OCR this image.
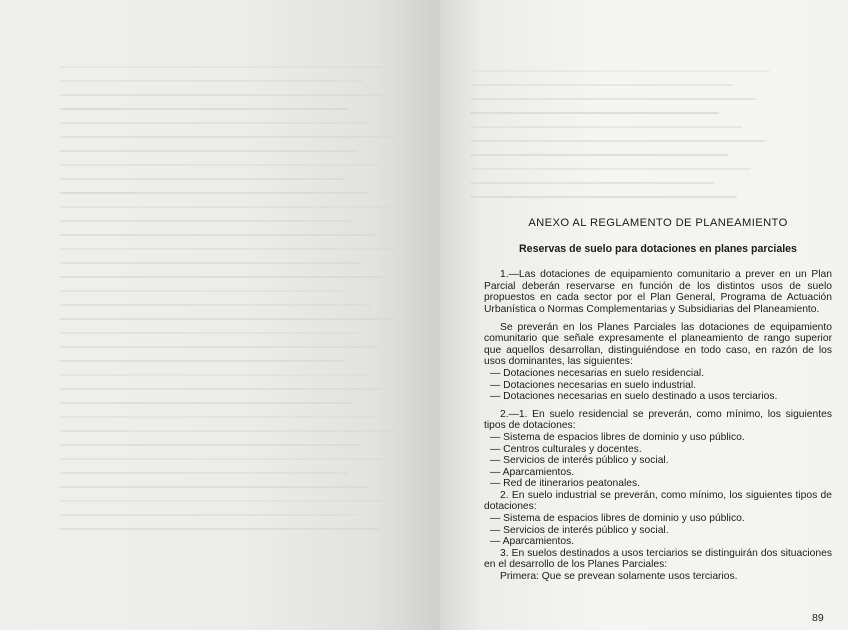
ANEXO AL REGLAMENTO DE PLANEAMIENTO
Reservas de suelo para dotaciones en planes parciales

1.—Las dotaciones de equipamiento comunitario a prever en un Plan Parcial deberán reservarse en función de los distintos usos de suelo propuestos en cada sector por el Plan General, Programa de Actuación Urbanística o Normas Complementarias y Subsidiarias del Planeamiento.

Se preverán en los Planes Parciales las dotaciones de equipamiento comunitario que señale expresamente el planeamiento de rango superior que aquellos desarrollan, distinguiéndose en todo caso, en razón de los usos dominantes, las siguientes:

— Dotaciones necesarias en suelo residencial.
— Dotaciones necesarias en suelo industrial.
— Dotaciones necesarias en suelo destinado a usos terciarios.

2.—1. En suelo residencial se preverán, como mínimo, los siguientes tipos de dotaciones:

— Sistema de espacios libres de dominio y uso público.
— Centros culturales y docentes.
— Servicios de interés público y social.
— Aparcamientos.
— Red de itinerarios peatonales.

2. En suelo industrial se preverán, como mínimo, los siguientes tipos de dotaciones:

— Sistema de espacios libres de dominio y uso público.
— Servicios de interés público y social.
— Aparcamientos.

3. En suelos destinados a usos terciarios se distinguirán dos situaciones en el desarrollo de los Planes Parciales:

Primera: Que se prevean solamente usos terciarios.

89
